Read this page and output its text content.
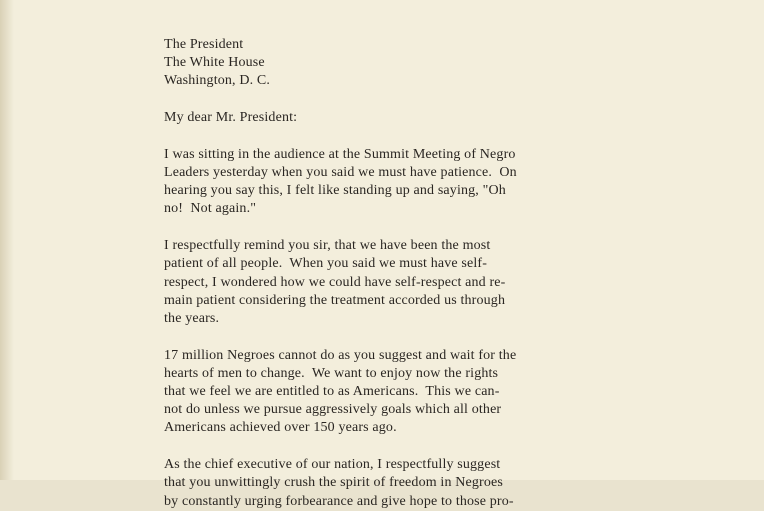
The President
The White House
Washington, D. C.
My dear Mr. President:
I was sitting in the audience at the Summit Meeting of Negro
Leaders yesterday when you said we must have patience.  On
hearing you say this, I felt like standing up and saying, "Oh
no!  Not again."
I respectfully remind you sir, that we have been the most
patient of all people.  When you said we must have self-
respect, I wondered how we could have self-respect and re-
main patient considering the treatment accorded us through
the years.
17 million Negroes cannot do as you suggest and wait for the
hearts of men to change.  We want to enjoy now the rights
that we feel we are entitled to as Americans.  This we can-
not do unless we pursue aggressively goals which all other
Americans achieved over 150 years ago.
As the chief executive of our nation, I respectfully suggest
that you unwittingly crush the spirit of freedom in Negroes
by constantly urging forbearance and give hope to those pro-
